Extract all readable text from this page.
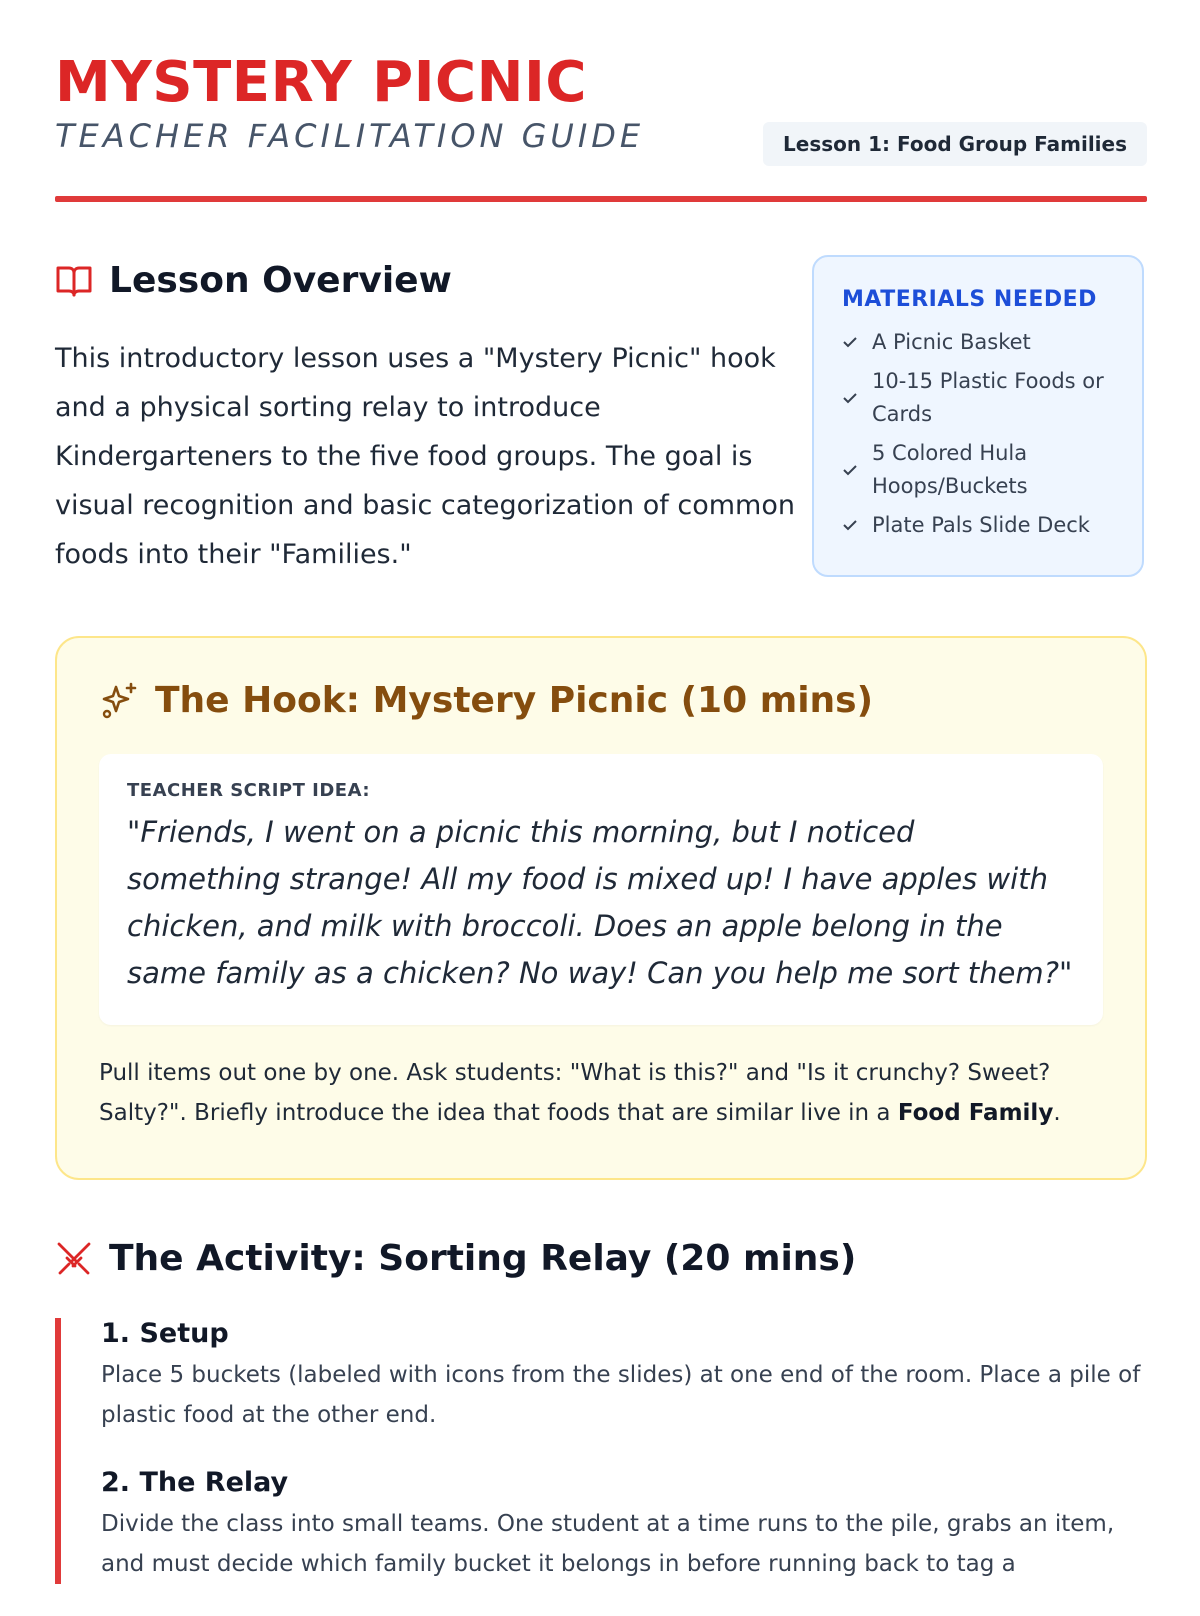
MYSTERY PICNIC
TEACHER FACILITATION GUIDE	Lesson 1: Food Group Families
Lesson Overview

This introductory lesson uses a "Mystery Picnic" hook and a physical sorting relay to introduce Kindergarteners to the five food groups. The goal is visual recognition and basic categorization of common foods into their "Families."

MATERIALS NEEDED
A Picnic Basket
10-15 Plastic Foods or Cards
5 Colored Hula Hoops/Buckets
Plate Pals Slide Deck
The Hook: Mystery Picnic (10 mins)
TEACHER SCRIPT IDEA:
"Friends, I went on a picnic this morning, but I noticed something strange! All my food is mixed up! I have apples with chicken, and milk with broccoli. Does an apple belong in the same family as a chicken? No way! Can you help me sort them?"
Pull items out one by one. Ask students: "What is this?" and "Is it crunchy? Sweet? Salty?". Briefly introduce the idea that foods that are similar live in a Food Family.
The Activity: Sorting Relay (20 mins)
1. Setup

Place 5 buckets (labeled with icons from the slides) at one end of the room. Place a pile of plastic food at the other end.

2. The Relay

Divide the class into small teams. One student at a time runs to the pile, grabs an item, and must decide which family bucket it belongs in before running back to tag a
